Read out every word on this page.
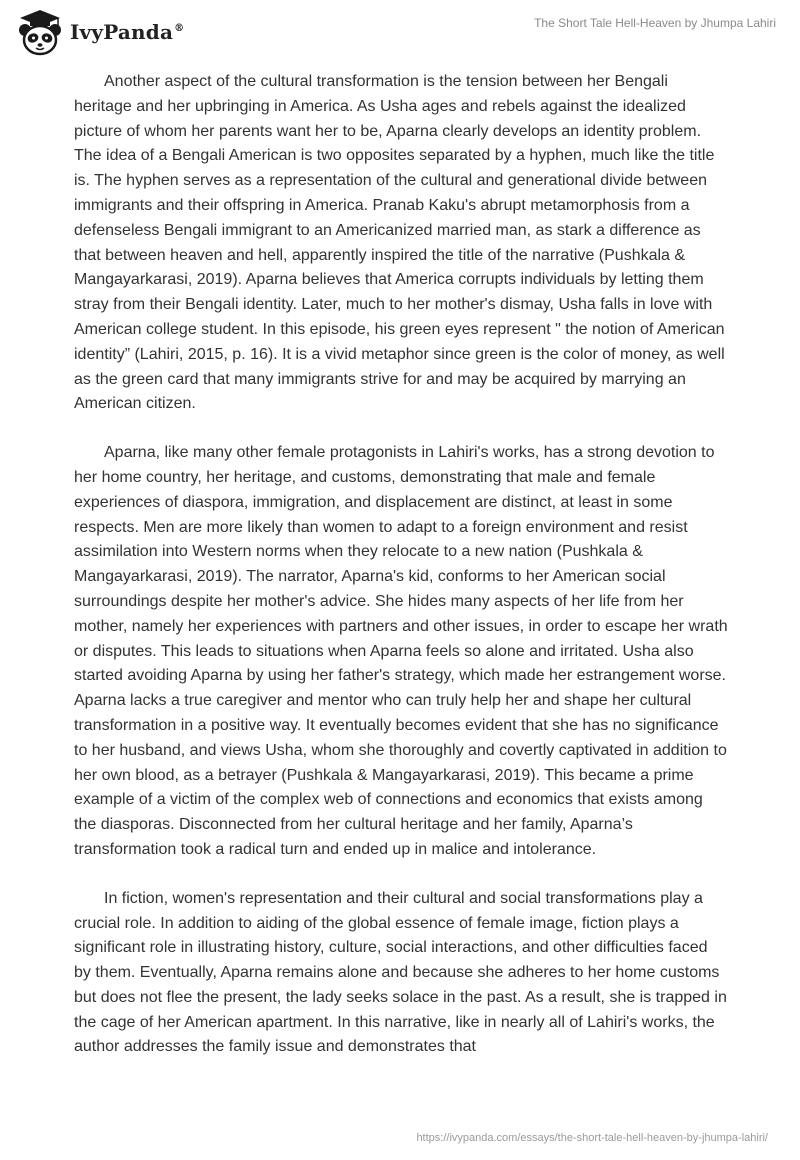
IvyPanda®	The Short Tale Hell-Heaven by Jhumpa Lahiri

Another aspect of the cultural transformation is the tension between her Bengali heritage and her upbringing in America. As Usha ages and rebels against the idealized picture of whom her parents want her to be, Aparna clearly develops an identity problem. The idea of a Bengali American is two opposites separated by a hyphen, much like the title is. The hyphen serves as a representation of the cultural and generational divide between immigrants and their offspring in America. Pranab Kaku's abrupt metamorphosis from a defenseless Bengali immigrant to an Americanized married man, as stark a difference as that between heaven and hell, apparently inspired the title of the narrative (Pushkala & Mangayarkarasi, 2019). Aparna believes that America corrupts individuals by letting them stray from their Bengali identity. Later, much to her mother's dismay, Usha falls in love with American college student. In this episode, his green eyes represent " the notion of American identity” (Lahiri, 2015, p. 16). It is a vivid metaphor since green is the color of money, as well as the green card that many immigrants strive for and may be acquired by marrying an American citizen.

Aparna, like many other female protagonists in Lahiri's works, has a strong devotion to her home country, her heritage, and customs, demonstrating that male and female experiences of diaspora, immigration, and displacement are distinct, at least in some respects. Men are more likely than women to adapt to a foreign environment and resist assimilation into Western norms when they relocate to a new nation (Pushkala & Mangayarkarasi, 2019). The narrator, Aparna's kid, conforms to her American social surroundings despite her mother's advice. She hides many aspects of her life from her mother, namely her experiences with partners and other issues, in order to escape her wrath or disputes. This leads to situations when Aparna feels so alone and irritated. Usha also started avoiding Aparna by using her father's strategy, which made her estrangement worse. Aparna lacks a true caregiver and mentor who can truly help her and shape her cultural transformation in a positive way. It eventually becomes evident that she has no significance to her husband, and views Usha, whom she thoroughly and covertly captivated in addition to her own blood, as a betrayer (Pushkala & Mangayarkarasi, 2019). This became a prime example of a victim of the complex web of connections and economics that exists among the diasporas. Disconnected from her cultural heritage and her family, Aparna’s transformation took a radical turn and ended up in malice and intolerance.

In fiction, women's representation and their cultural and social transformations play a crucial role. In addition to aiding of the global essence of female image, fiction plays a significant role in illustrating history, culture, social interactions, and other difficulties faced by them. Eventually, Aparna remains alone and because she adheres to her home customs but does not flee the present, the lady seeks solace in the past. As a result, she is trapped in the cage of her American apartment. In this narrative, like in nearly all of Lahiri's works, the author addresses the family issue and demonstrates that

https://ivypanda.com/essays/the-short-tale-hell-heaven-by-jhumpa-lahiri/
